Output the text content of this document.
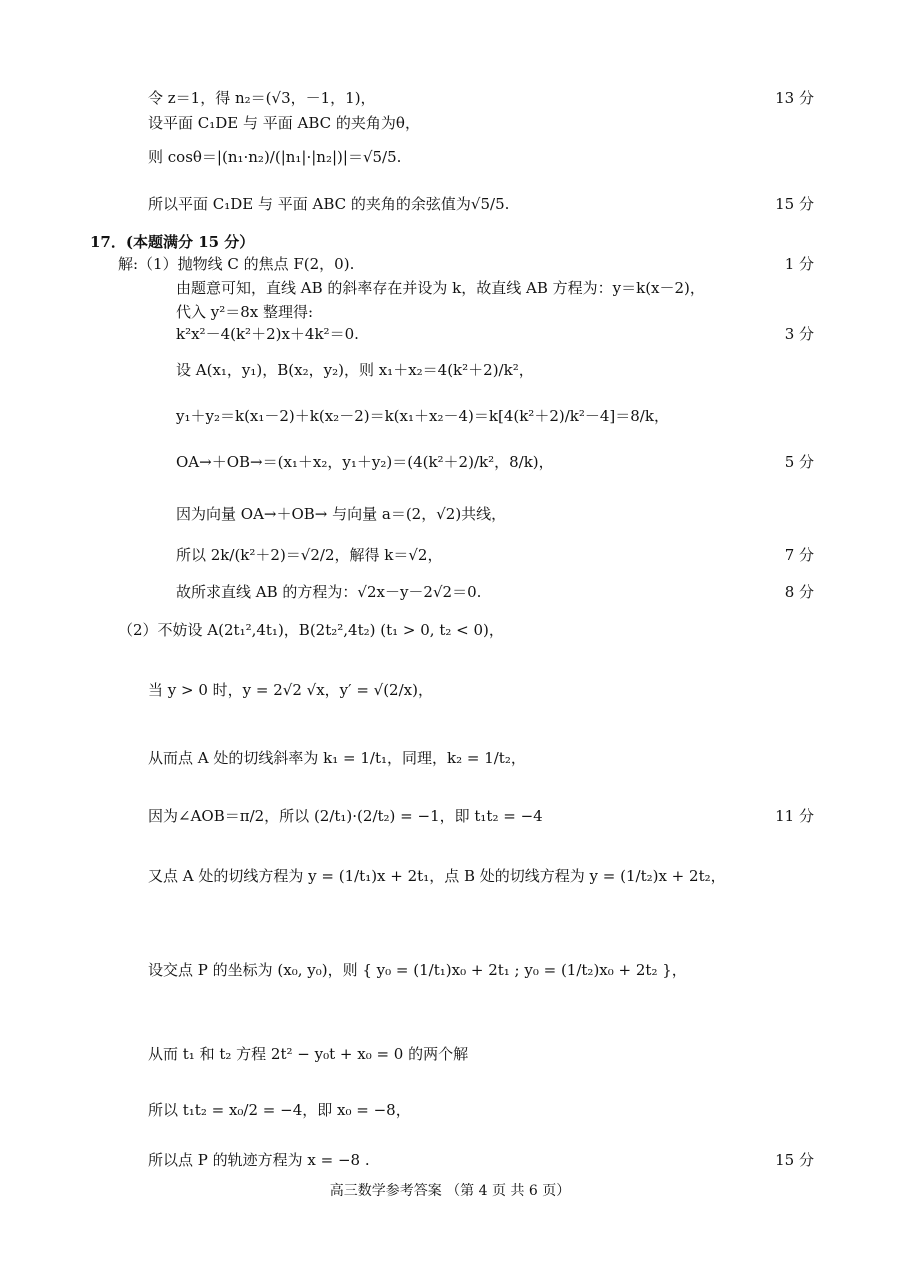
令 z＝1，得 n₂＝(√3，－1，1)，	13 分
设平面 C₁DE 与 平面 ABC 的夹角为θ，
则 cosθ＝|(n₁·n₂)/(|n₁|·|n₂|)|＝√5/5.
所以平面 C₁DE 与 平面 ABC 的夹角的余弦值为√5/5.	15 分
17．(本题满分 15 分）
解:（1）抛物线 C 的焦点 F(2，0).	1 分
由题意可知，直线 AB 的斜率存在并设为 k，故直线 AB 方程为：y＝k(x－2)，
代入 y²＝8x 整理得:
k²x²－4(k²＋2)x＋4k²＝0.	3 分
设 A(x₁，y₁)，B(x₂，y₂)，则 x₁＋x₂＝4(k²＋2)/k²，
y₁＋y₂＝k(x₁－2)＋k(x₂－2)＝k(x₁＋x₂－4)＝k[4(k²＋2)/k²－4]＝8/k，
OA→＋OB→＝(x₁＋x₂，y₁＋y₂)＝(4(k²＋2)/k²，8/k)，	5 分
因为向量 OA→＋OB→ 与向量 a＝(2，√2)共线，
所以 2k/(k²＋2)＝√2/2，解得 k＝√2，	7 分
故所求直线 AB 的方程为：√2x－y－2√2＝0.	8 分
（2）不妨设 A(2t₁²,4t₁)，B(2t₂²,4t₂) (t₁ > 0, t₂ < 0)，
当 y > 0 时，y = 2√2 √x，y′ = √(2/x)，
从而点 A 处的切线斜率为 k₁ = 1/t₁，同理，k₂ = 1/t₂，
因为∠AOB＝π/2，所以 (2/t₁)·(2/t₂) = −1，即 t₁t₂ = −4	11 分
又点 A 处的切线方程为 y = (1/t₁)x + 2t₁，点 B 处的切线方程为 y = (1/t₂)x + 2t₂，
设交点 P 的坐标为 (x₀, y₀)，则 { y₀ = (1/t₁)x₀ + 2t₁ ; y₀ = (1/t₂)x₀ + 2t₂ }，
从而 t₁ 和 t₂ 方程 2t² − y₀t + x₀ = 0 的两个解
所以 t₁t₂ = x₀/2 = −4，即 x₀ = −8，
所以点 P 的轨迹方程为 x = −8 .	15 分
高三数学参考答案 （第 4 页 共 6 页）
